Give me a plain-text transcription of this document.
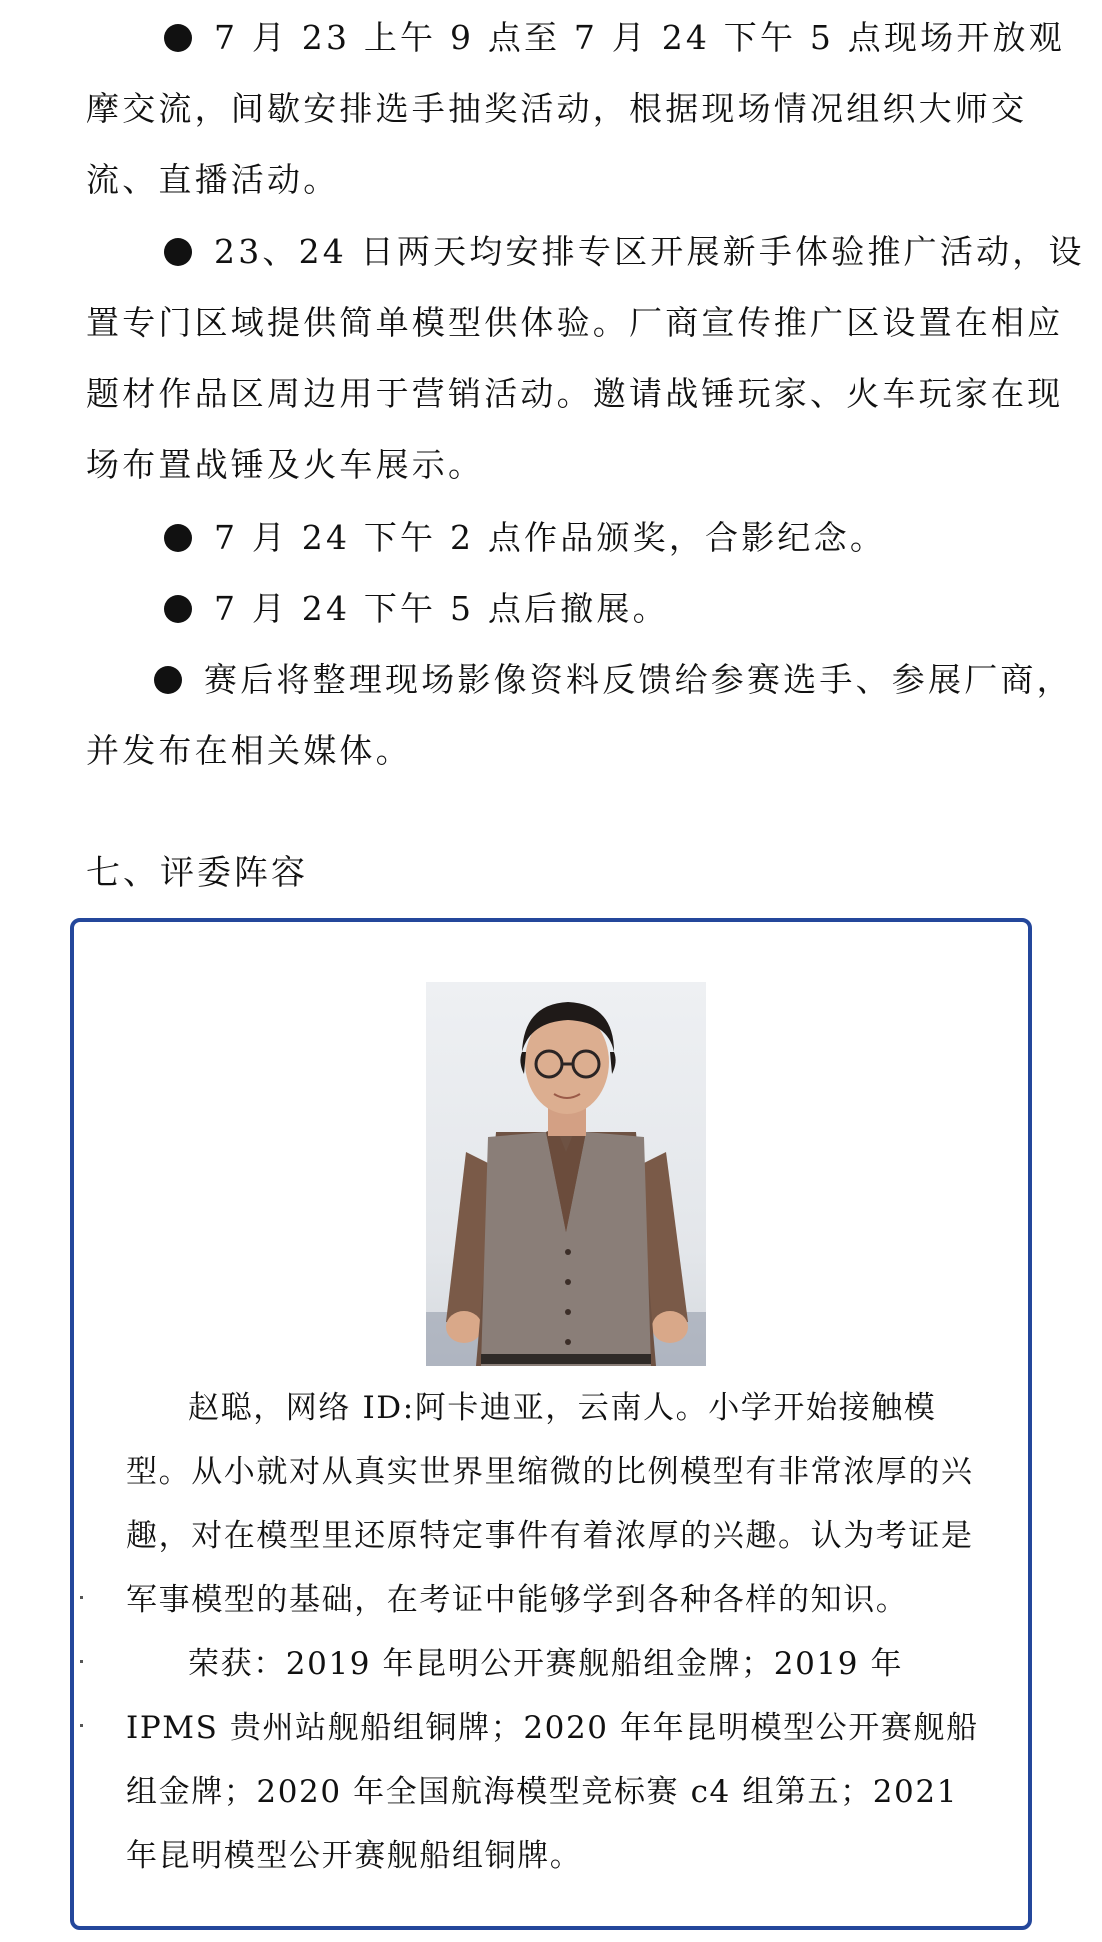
7 月 23 上午 9 点至 7 月 24 下午 5 点现场开放观摩交流，间歇安排选手抽奖活动，根据现场情况组织大师交流、直播活动。

23、24 日两天均安排专区开展新手体验推广活动，设置专门区域提供简单模型供体验。厂商宣传推广区设置在相应题材作品区周边用于营销活动。邀请战锤玩家、火车玩家在现场布置战锤及火车展示。

7 月 24 下午 2 点作品颁奖，合影纪念。

7 月 24 下午 5 点后撤展。

赛后将整理现场影像资料反馈给参赛选手、参展厂商，并发布在相关媒体。

七、评委阵容

赵聪，网络 ID:阿卡迪亚，云南人。小学开始接触模型。从小就对从真实世界里缩微的比例模型有非常浓厚的兴趣，对在模型里还原特定事件有着浓厚的兴趣。认为考证是军事模型的基础，在考证中能够学到各种各样的知识。

荣获：2019 年昆明公开赛舰船组金牌；2019 年 IPMS 贵州站舰船组铜牌；2020 年年昆明模型公开赛舰船组金牌；2020 年全国航海模型竞标赛 c4 组第五；2021 年昆明模型公开赛舰船组铜牌。
